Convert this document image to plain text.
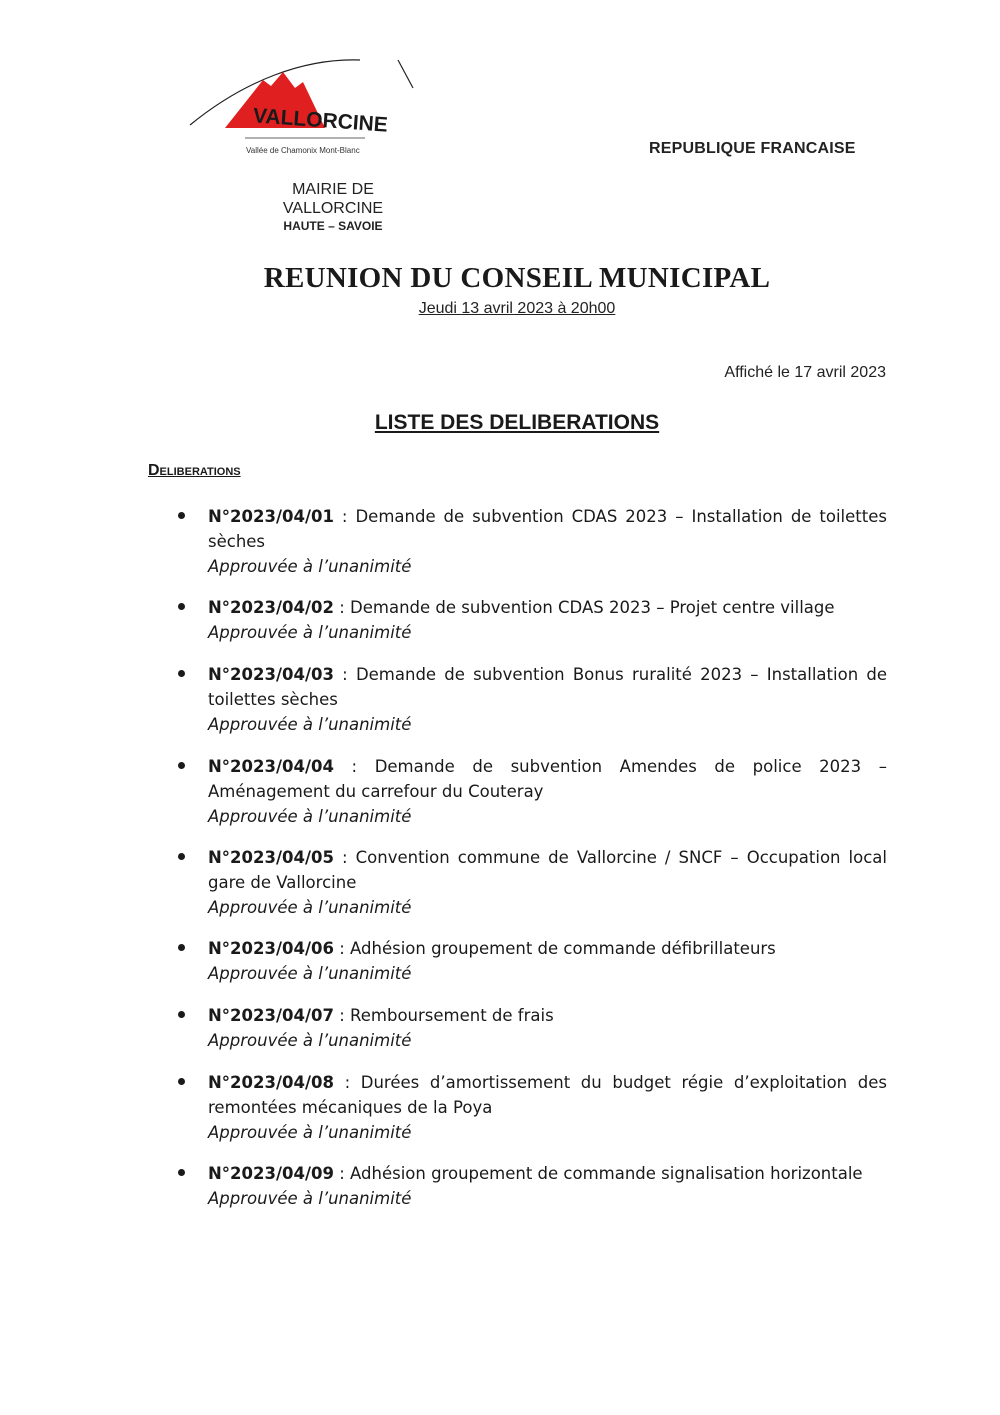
VALLORCINE
Vallée de Chamonix Mont-Blanc	REPUBLIQUE FRANCAISE
MAIRIE DE
VALLORCINE
HAUTE – SAVOIE
REUNION DU CONSEIL MUNICIPAL
Jeudi 13 avril 2023 à 20h00
Affiché le 17 avril 2023
LISTE DES DELIBERATIONS
Deliberations
N°2023/04/01 : Demande de subvention CDAS 2023 – Installation de toilettes sèches
Approuvée à l’unanimité
N°2023/04/02 : Demande de subvention CDAS 2023 – Projet centre village
Approuvée à l’unanimité
N°2023/04/03 : Demande de subvention Bonus ruralité 2023 – Installation de toilettes sèches
Approuvée à l’unanimité
N°2023/04/04 : Demande de subvention Amendes de police 2023 – Aménagement du carrefour du Couteray
Approuvée à l’unanimité
N°2023/04/05 : Convention commune de Vallorcine / SNCF – Occupation local gare de Vallorcine
Approuvée à l’unanimité
N°2023/04/06 : Adhésion groupement de commande défibrillateurs
Approuvée à l’unanimité
N°2023/04/07 : Remboursement de frais
Approuvée à l’unanimité
N°2023/04/08 : Durées d’amortissement du budget régie d’exploitation des remontées mécaniques de la Poya
Approuvée à l’unanimité
N°2023/04/09 : Adhésion groupement de commande signalisation horizontale
Approuvée à l’unanimité
